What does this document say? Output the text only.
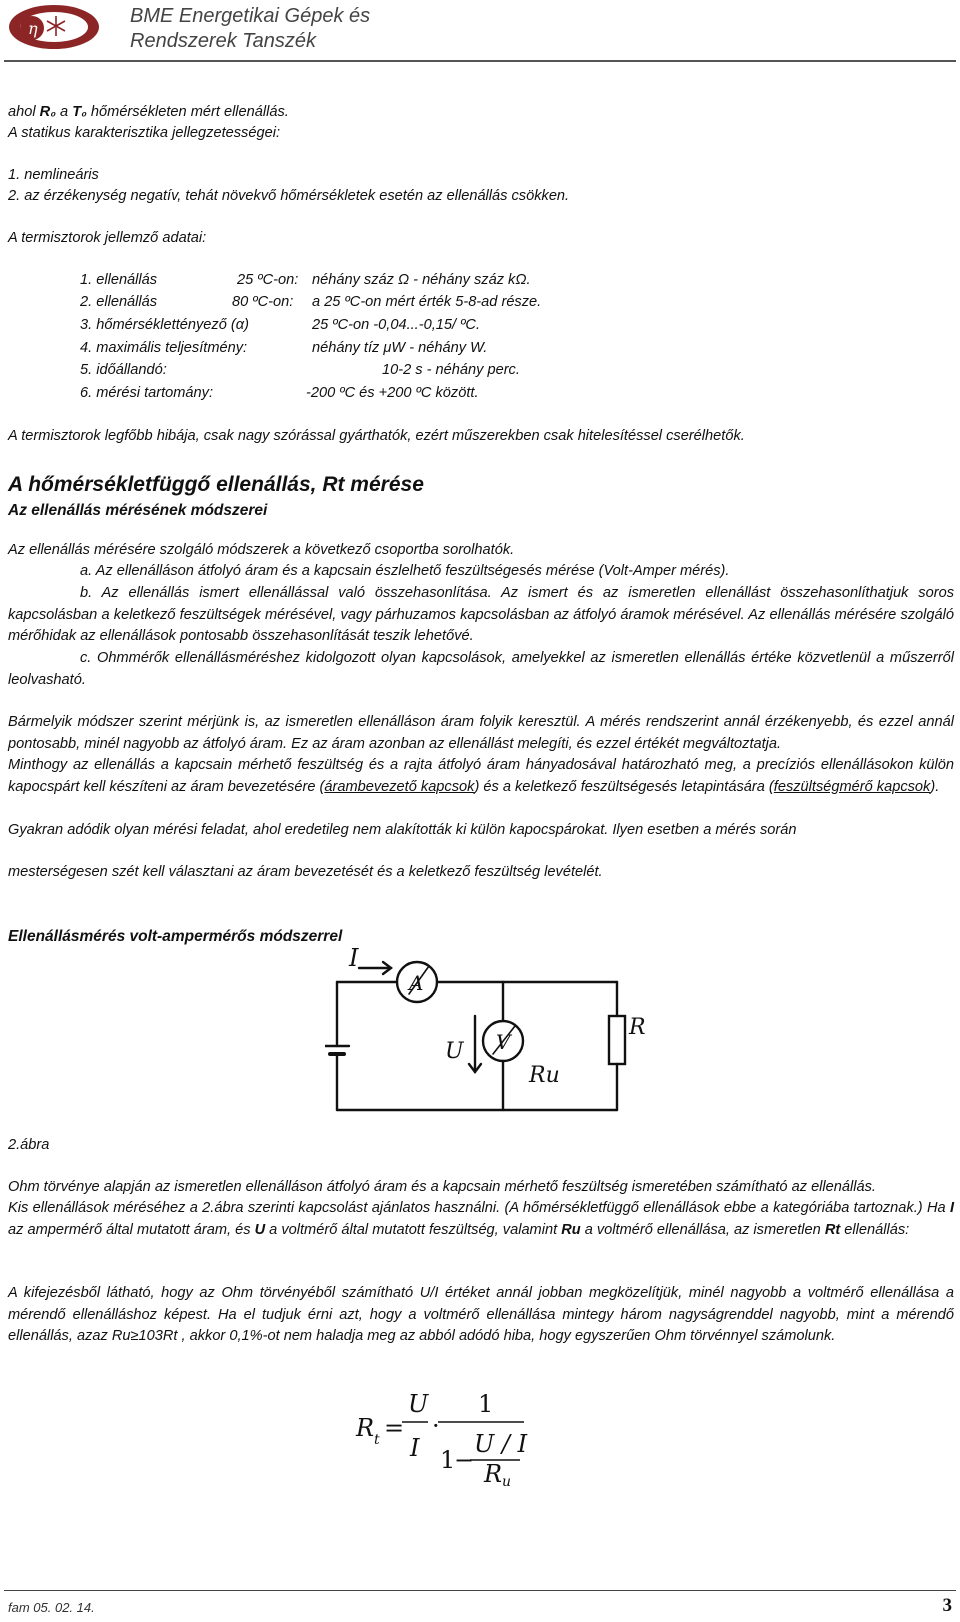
η
BME Energetikai Gépek és
Rendszerek Tanszék
ahol R₀ a T₀ hőmérsékleten mért ellenállás.
A statikus karakterisztika jellegzetességei:
1. nemlineáris
2. az érzékenység negatív, tehát növekvő hőmérsékletek esetén az ellenállás csökken.
A termisztorok jellemző adatai:
1. ellenállás	25 ºC-on: néhány száz Ω - néhány száz kΩ.
2. ellenállás	80 ºC-on: a 25 ºC-on mért érték 5-8-ad része.
3. hőmérséklettényező (α)	25 ºC-on -0,04...-0,15/ ºC.
4. maximális teljesítmény:	néhány tíz μW - néhány W.
5. időállandó:	10-2 s - néhány perc.
6. mérési tartomány:	-200 ºC és +200 ºC között.
A termisztorok legfőbb hibája, csak nagy szórással gyárthatók, ezért műszerekben csak hitelesítéssel cserélhetők.
A hőmérsékletfüggő ellenállás, Rt mérése
Az ellenállás mérésének módszerei
Az ellenállás mérésére szolgáló módszerek a következő csoportba sorolhatók.
a. Az ellenálláson átfolyó áram és a kapcsain észlelhető feszültségesés mérése (Volt-Amper mérés).
b. Az ellenállás ismert ellenállással való összehasonlítása. Az ismert és az ismeretlen ellenállást összehasonlíthatjuk soros kapcsolásban a keletkező feszültségek mérésével, vagy párhuzamos kapcsolásban az átfolyó áramok mérésével. Az ellenállás mérésére szolgáló mérőhidak az ellenállások pontosabb összehasonlítását teszik lehetővé.
c. Ohmmérők ellenállásméréshez kidolgozott olyan kapcsolások, amelyekkel az ismeretlen ellenállás értéke közvetlenül a műszerről leolvasható.
Bármelyik módszer szerint mérjünk is, az ismeretlen ellenálláson áram folyik keresztül. A mérés rendszerint annál érzékenyebb, és ezzel annál pontosabb, minél nagyobb az átfolyó áram. Ez az áram azonban az ellenállást melegíti, és ezzel értékét megváltoztatja.
Minthogy az ellenállás a kapcsain mérhető feszültség és a rajta átfolyó áram hányadosával határozható meg, a precíziós ellenállásokon külön kapocspárt kell készíteni az áram bevezetésére (árambevezető kapcsok) és a keletkező feszültségesés letapintására (feszültségmérő kapcsok).
Gyakran adódik olyan mérési feladat, ahol eredetileg nem alakították ki külön kapocspárokat. Ilyen esetben a mérés során
mesterségesen szét kell választani az áram bevezetését és a keletkező feszültség levételét.
Ellenállásmérés volt-ampermérős módszerrel
I
A
U V
Ru
R
2.ábra
Ohm törvénye alapján az ismeretlen ellenálláson átfolyó áram és a kapcsain mérhető feszültség ismeretében számítható az ellenállás.
Kis ellenállások méréséhez a 2.ábra szerinti kapcsolást ajánlatos használni. (A hőmérsékletfüggő ellenállások ebbe a kategóriába tartoznak.) Ha I az ampermérő által mutatott áram, és U a voltmérő által mutatott feszültség, valamint Ru a voltmérő ellenállása, az ismeretlen Rt ellenállás:
A kifejezésből látható, hogy az Ohm törvényéből számítható U/I értéket annál jobban megközelítjük, minél nagyobb a voltmérő ellenállása a mérendő ellenálláshoz képest. Ha el tudjuk érni azt, hogy a voltmérő ellenállása mintegy három nagyságrenddel nagyobb, mint a mérendő ellenállás, azaz Ru≥103Rt , akkor 0,1%-ot nem haladja meg az abból adódó hiba, hogy egyszerűen Ohm törvénnyel számolunk.
R t =
U
I
·
1
1
−
U / I
R u
fam 05. 02. 14.	3
